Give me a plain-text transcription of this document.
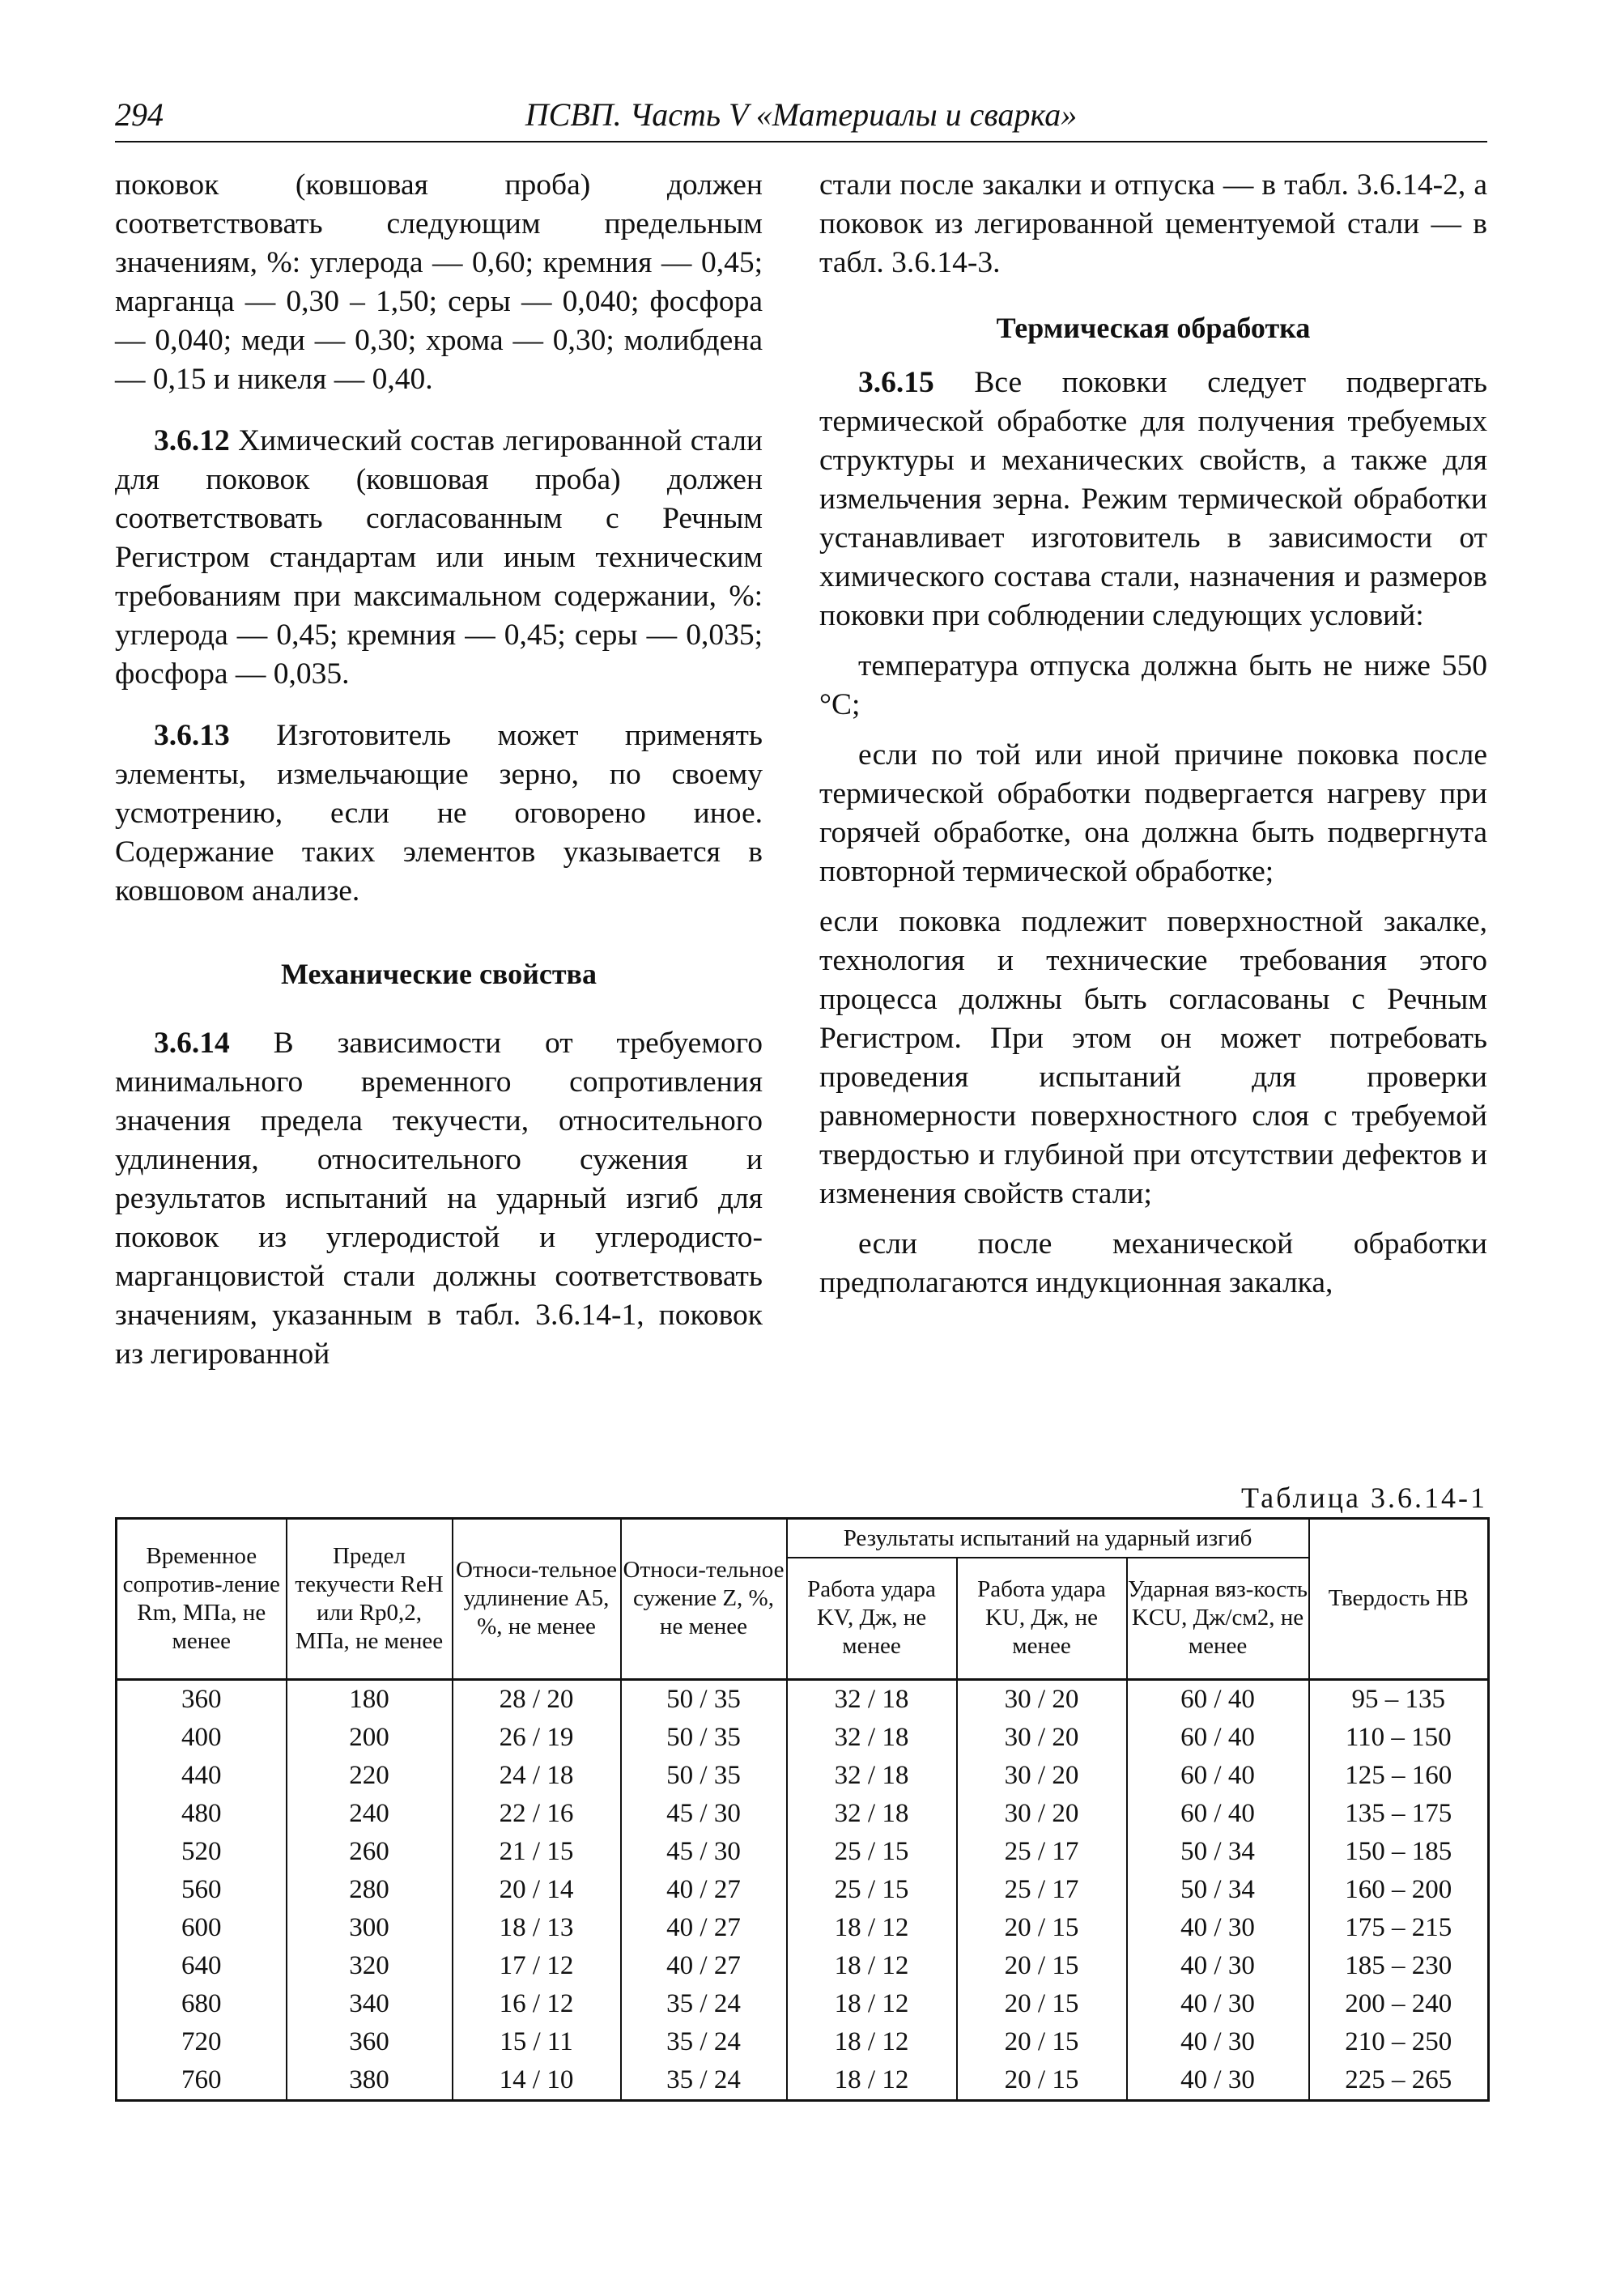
294	ПСВП. Часть V «Материалы и сварка»

поковок (ковшовая проба) должен соответствовать следующим предельным значениям, %: углерода — 0,60; кремния — 0,45; марганца — 0,30 – 1,50; серы — 0,040; фосфора — 0,040; меди — 0,30; хрома — 0,30; молибдена — 0,15 и никеля — 0,40.

3.6.12 Химический состав легированной стали для поковок (ковшовая проба) должен соответствовать согласованным с Речным Регистром стандартам или иным техническим требованиям при максимальном содержании, %: углерода — 0,45; кремния — 0,45; серы — 0,035; фосфора — 0,035.

3.6.13 Изготовитель может применять элементы, измельчающие зерно, по своему усмотрению, если не оговорено иное. Содержание таких элементов указывается в ковшовом анализе.

Механические свойства

3.6.14 В зависимости от требуемого минимального временного сопротивления значения предела текучести, относительного удлинения, относительного сужения и результатов испытаний на ударный изгиб для поковок из углеродистой и углеродисто-марганцовистой стали должны соответствовать значениям, указанным в табл. 3.6.14-1, поковок из легированной

стали после закалки и отпуска — в табл. 3.6.14-2, а поковок из легированной цементуемой стали — в табл. 3.6.14-3.

Термическая обработка

3.6.15 Все поковки следует подвергать термической обработке для получения требуемых структуры и механических свойств, а также для измельчения зерна. Режим термической обработки устанавливает изготовитель в зависимости от химического состава стали, назначения и размеров поковки при соблюдении следующих условий:

температура отпуска должна быть не ниже 550 °С;

если по той или иной причине поковка после термической обработки подвергается нагреву при горячей обработке, она должна быть подвергнута повторной термической обработке;

если поковка подлежит поверхностной закалке, технология и технические требования этого процесса должны быть согласованы с Речным Регистром. При этом он может потребовать проведения испытаний для проверки равномерности поверхностного слоя с требуемой твердостью и глубиной при отсутствии дефектов и изменения свойств стали;

если после механической обработки предполагаются индукционная закалка,

Таблица 3.6.14-1
Временное сопротив-ление Rm, МПа, не менее	Предел текучести ReH или Rp0,2, МПа, не менее	Относи-тельное удлинение A5, %, не менее	Относи-тельное сужение Z, %, не менее	Результаты испытаний на ударный изгиб			Твердость HB
				Работа удара KV, Дж, не менее	Работа удара KU, Дж, не менее	Ударная вяз-кость KCU, Дж/см2, не менее	
360	180	28 / 20	50 / 35	32 / 18	30 / 20	60 / 40	95 – 135
400	200	26 / 19	50 / 35	32 / 18	30 / 20	60 / 40	110 – 150
440	220	24 / 18	50 / 35	32 / 18	30 / 20	60 / 40	125 – 160
480	240	22 / 16	45 / 30	32 / 18	30 / 20	60 / 40	135 – 175
520	260	21 / 15	45 / 30	25 / 15	25 / 17	50 / 34	150 – 185
560	280	20 / 14	40 / 27	25 / 15	25 / 17	50 / 34	160 – 200
600	300	18 / 13	40 / 27	18 / 12	20 / 15	40 / 30	175 – 215
640	320	17 / 12	40 / 27	18 / 12	20 / 15	40 / 30	185 – 230
680	340	16 / 12	35 / 24	18 / 12	20 / 15	40 / 30	200 – 240
720	360	15 / 11	35 / 24	18 / 12	20 / 15	40 / 30	210 – 250
760	380	14 / 10	35 / 24	18 / 12	20 / 15	40 / 30	225 – 265
